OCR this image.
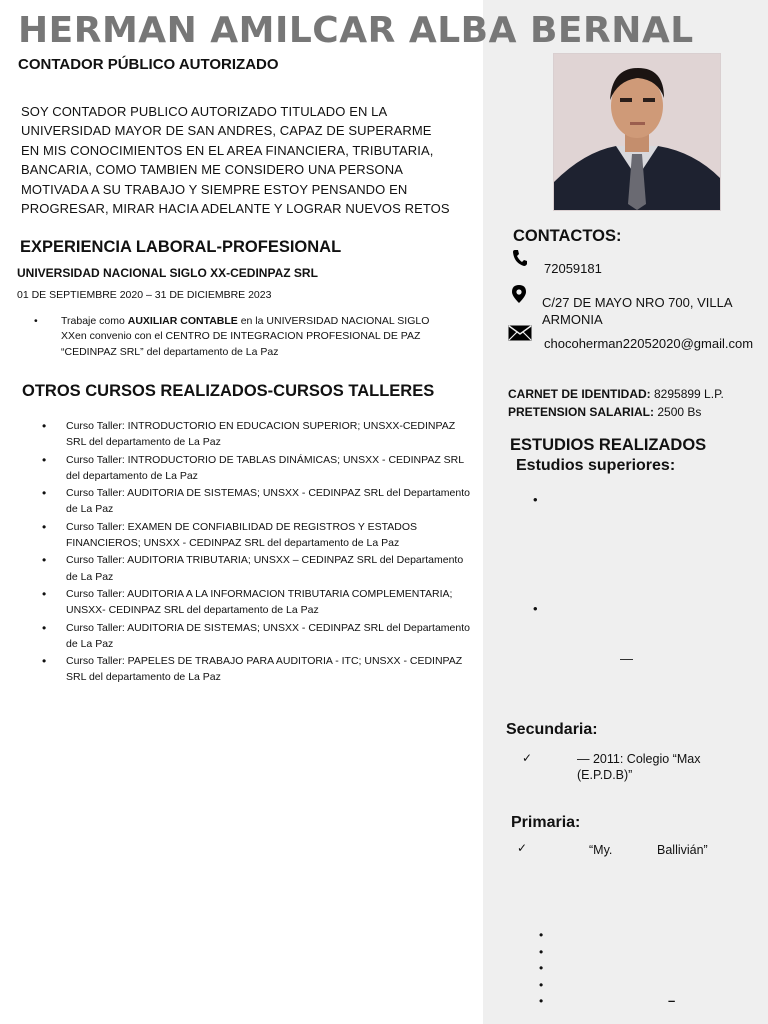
HERMAN AMILCAR ALBA BERNAL
CONTADOR PÚBLICO AUTORIZADO
SOY CONTADOR PUBLICO AUTORIZADO TITULADO EN LA UNIVERSIDAD MAYOR DE SAN ANDRES, CAPAZ DE SUPERARME EN MIS CONOCIMIENTOS EN EL AREA FINANCIERA, TRIBUTARIA, BANCARIA, COMO TAMBIEN ME CONSIDERO UNA PERSONA MOTIVADA A SU TRABAJO Y SIEMPRE ESTOY PENSANDO EN PROGRESAR, MIRAR HACIA ADELANTE Y LOGRAR NUEVOS RETOS
EXPERIENCIA LABORAL-PROFESIONAL
UNIVERSIDAD NACIONAL SIGLO XX-CEDINPAZ SRL
01 DE SEPTIEMBRE 2020 – 31 DE DICIEMBRE 2023
• Trabaje como AUXILIAR CONTABLE en la UNIVERSIDAD NACIONAL SIGLO XXen convenio con el CENTRO DE INTEGRACION PROFESIONAL DE PAZ “CEDINPAZ SRL” del departamento de La Paz
OTROS CURSOS REALIZADOS-CURSOS TALLERES
• Curso Taller: INTRODUCTORIO EN EDUCACION SUPERIOR; UNSXX-CEDINPAZ SRL del departamento de La Paz
• Curso Taller: INTRODUCTORIO DE TABLAS DINÁMICAS; UNSXX - CEDINPAZ SRL del departamento de La Paz
• Curso Taller: AUDITORIA DE SISTEMAS; UNSXX - CEDINPAZ SRL del Departamento de La Paz
• Curso Taller: EXAMEN DE CONFIABILIDAD DE REGISTROS Y ESTADOS FINANCIEROS; UNSXX - CEDINPAZ SRL del departamento de La Paz
• Curso Taller: AUDITORIA TRIBUTARIA; UNSXX – CEDINPAZ SRL del Departamento de La Paz
• Curso Taller: AUDITORIA A LA INFORMACION TRIBUTARIA COMPLEMENTARIA; UNSXX- CEDINPAZ SRL del departamento de La Paz
• Curso Taller: AUDITORIA DE SISTEMAS; UNSXX - CEDINPAZ SRL del Departamento de La Paz
• Curso Taller: PAPELES DE TRABAJO PARA AUDITORIA - ITC; UNSXX - CEDINPAZ SRL del departamento de La Paz
CONTACTOS:
72059181
C/27 DE MAYO NRO 700, VILLA ARMONIA
chocoherman22052020@gmail.com
CARNET DE IDENTIDAD: 8295899 L.P.
PRETENSION SALARIAL: 2500 Bs
ESTUDIOS REALIZADOS
Estudios superiores:
•
•
—
Secundaria:
✓	— 2011: Colegio “Max (E.P.D.B)”
Primaria:
✓	“My.	Ballivián”
•
•
•
•
•	–
